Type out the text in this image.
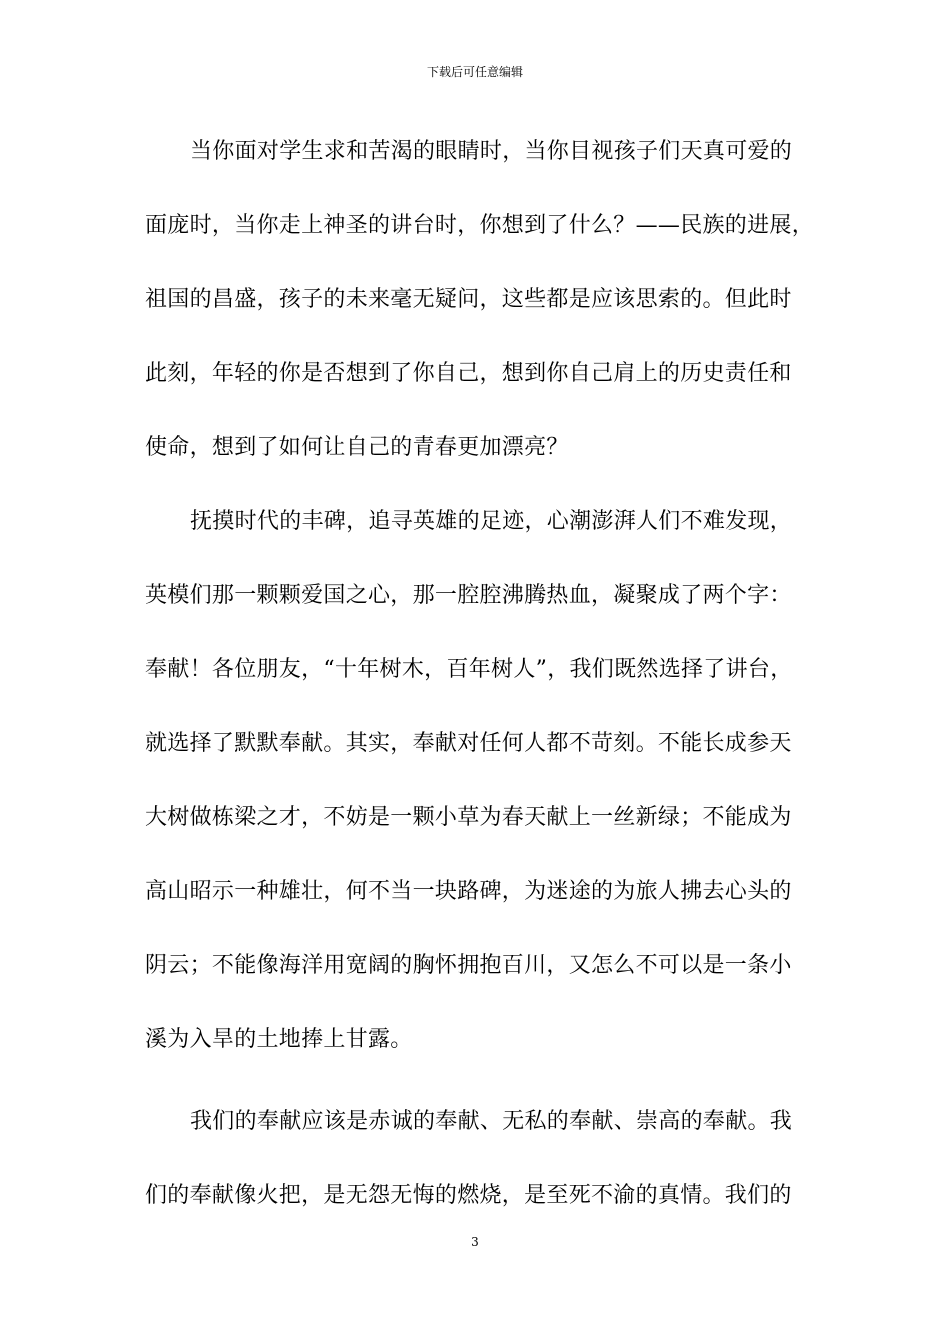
下载后可任意编辑
当你面对学生求和苦渴的眼睛时，当你目视孩子们天真可爱的
面庞时，当你走上神圣的讲台时，你想到了什么？——民族的进展，
祖国的昌盛，孩子的未来毫无疑问，这些都是应该思索的。但此时
此刻，年轻的你是否想到了你自己，想到你自己肩上的历史责任和
使命，想到了如何让自己的青春更加漂亮？
抚摸时代的丰碑，追寻英雄的足迹，心潮澎湃人们不难发现，
英模们那一颗颗爱国之心，那一腔腔沸腾热血，凝聚成了两个字：
奉献！各位朋友，“十年树木，百年树人”，我们既然选择了讲台，
就选择了默默奉献。其实，奉献对任何人都不苛刻。不能长成参天
大树做栋梁之才，不妨是一颗小草为春天献上一丝新绿；不能成为
高山昭示一种雄壮，何不当一块路碑，为迷途的为旅人拂去心头的
阴云；不能像海洋用宽阔的胸怀拥抱百川，又怎么不可以是一条小
溪为入旱的土地捧上甘露。
我们的奉献应该是赤诚的奉献、无私的奉献、崇高的奉献。我
们的奉献像火把，是无怨无悔的燃烧，是至死不渝的真情。我们的
3
